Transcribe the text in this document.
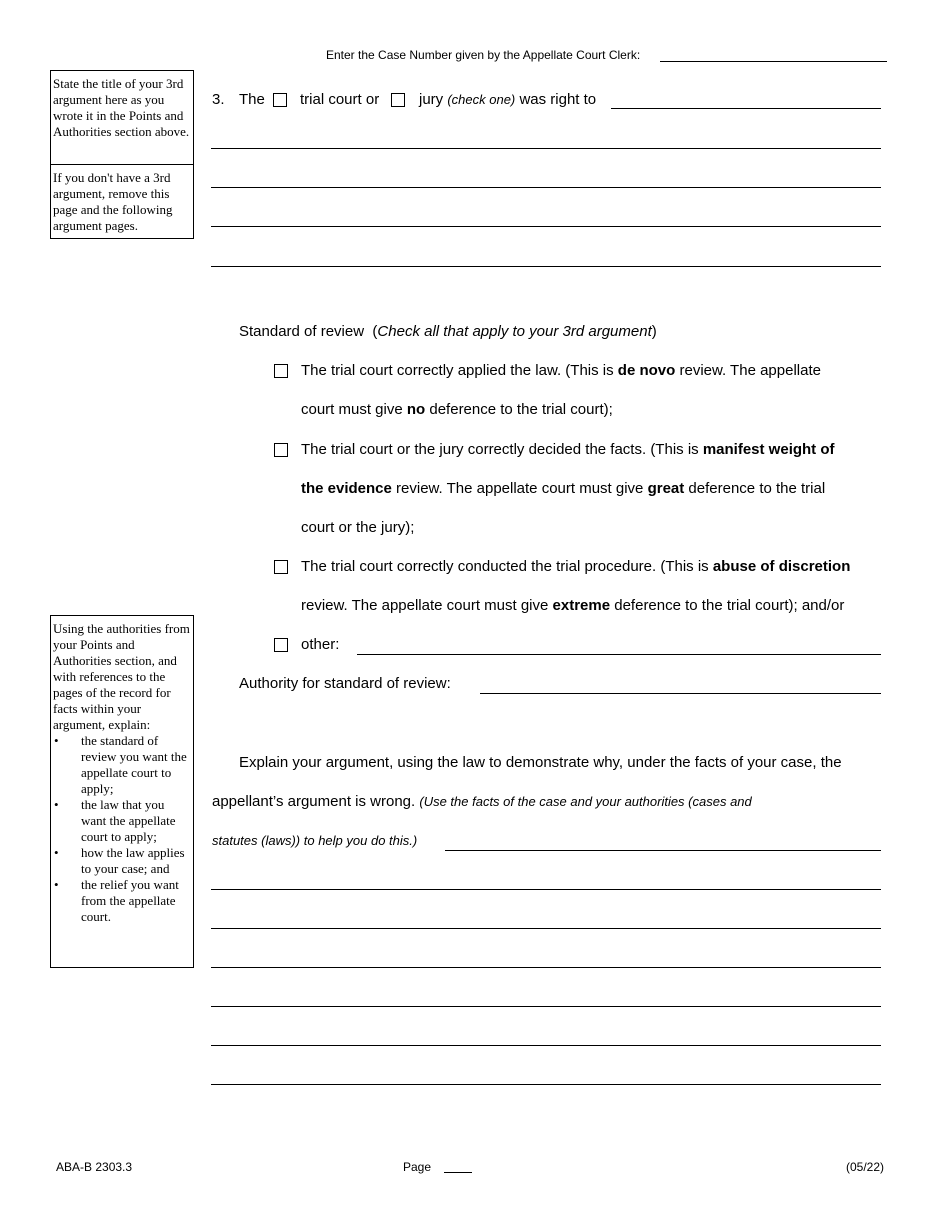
Enter the Case Number given by the Appellate Court Clerk:
State the title of your 3rd argument here as you wrote it in the Points and Authorities section above.
If you don't have a 3rd argument, remove this page and the following argument pages.
Using the authorities from your Points and Authorities section, and with references to the pages of the record for facts within your argument, explain:
• the standard of review you want the appellate court to apply;
• the law that you want the appellate court to apply;
• how the law applies to your case; and
• the relief you want from the appellate court.
3. The trial court or	jury (check one) was right to
Standard of review  (Check all that apply to your 3rd argument)
The trial court correctly applied the law. (This is de novo review. The appellate
court must give no deference to the trial court);
The trial court or the jury correctly decided the facts. (This is manifest weight of
the evidence review. The appellate court must give great deference to the trial
court or the jury);
The trial court correctly conducted the trial procedure. (This is abuse of discretion
review. The appellate court must give extreme deference to the trial court); and/or
other:
Authority for standard of review:
Explain your argument, using the law to demonstrate why, under the facts of your case, the
appellant’s argument is wrong. (Use the facts of the case and your authorities (cases and
statutes (laws)) to help you do this.)
ABA-B 2303.3	Page	(05/22)
